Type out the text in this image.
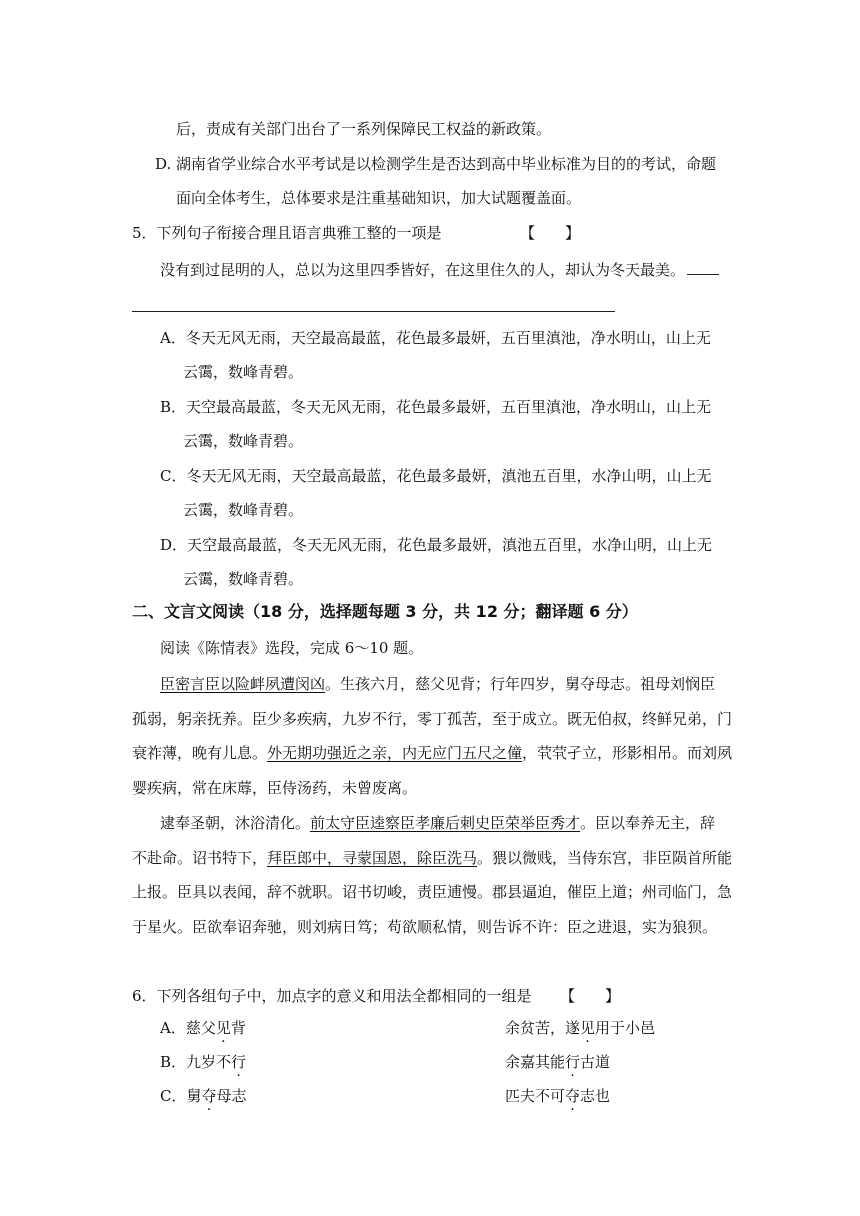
后，责成有关部门出台了一系列保障民工权益的新政策。
D. 湖南省学业综合水平考试是以检测学生是否达到高中毕业标准为目的的考试，命题
面向全体考生，总体要求是注重基础知识，加大试题覆盖面。
5．下列句子衔接合理且语言典雅工整的一项是	【　　】
没有到过昆明的人，总以为这里四季皆好，在这里住久的人，却认为冬天最美。
A．冬天无风无雨，天空最高最蓝，花色最多最妍，五百里滇池，净水明山，山上无
云霭，数峰青碧。
B．天空最高最蓝，冬天无风无雨，花色最多最妍，五百里滇池，净水明山，山上无
云霭，数峰青碧。
C．冬天无风无雨，天空最高最蓝，花色最多最妍，滇池五百里，水净山明，山上无
云霭，数峰青碧。
D．天空最高最蓝，冬天无风无雨，花色最多最妍，滇池五百里，水净山明，山上无
云霭，数峰青碧。
二、文言文阅读（18 分，选择题每题 3 分，共 12 分；翻译题 6 分）
阅读《陈情表》选段，完成 6～10 题。
臣密言臣以险衅夙遭闵凶。生孩六月，慈父见背；行年四岁，舅夺母志。祖母刘悯臣
孤弱，躬亲抚养。臣少多疾病，九岁不行，零丁孤苦，至于成立。既无伯叔，终鲜兄弟，门
衰祚薄，晚有儿息。外无期功强近之亲，内无应门五尺之僮，茕茕孑立，形影相吊。而刘夙
婴疾病，常在床蓐，臣侍汤药，未曾废离。
逮奉圣朝，沐浴清化。前太守臣逵察臣孝廉后刺史臣荣举臣秀才。臣以奉养无主，辞
不赴命。诏书特下，拜臣郎中，寻蒙国恩，除臣洗马。猥以微贱，当侍东宫，非臣陨首所能
上报。臣具以表闻，辞不就职。诏书切峻，责臣逋慢。郡县逼迫，催臣上道；州司临门，急
于星火。臣欲奉诏奔驰，则刘病日笃；苟欲顺私情，则告诉不许：臣之进退，实为狼狈。
6．下列各组句子中，加点字的意义和用法全都相同的一组是 【　　】
A．慈父见背	余贫苦，遂见用于小邑
B．九岁不行	余嘉其能行古道
C．舅夺母志	匹夫不可夺志也
